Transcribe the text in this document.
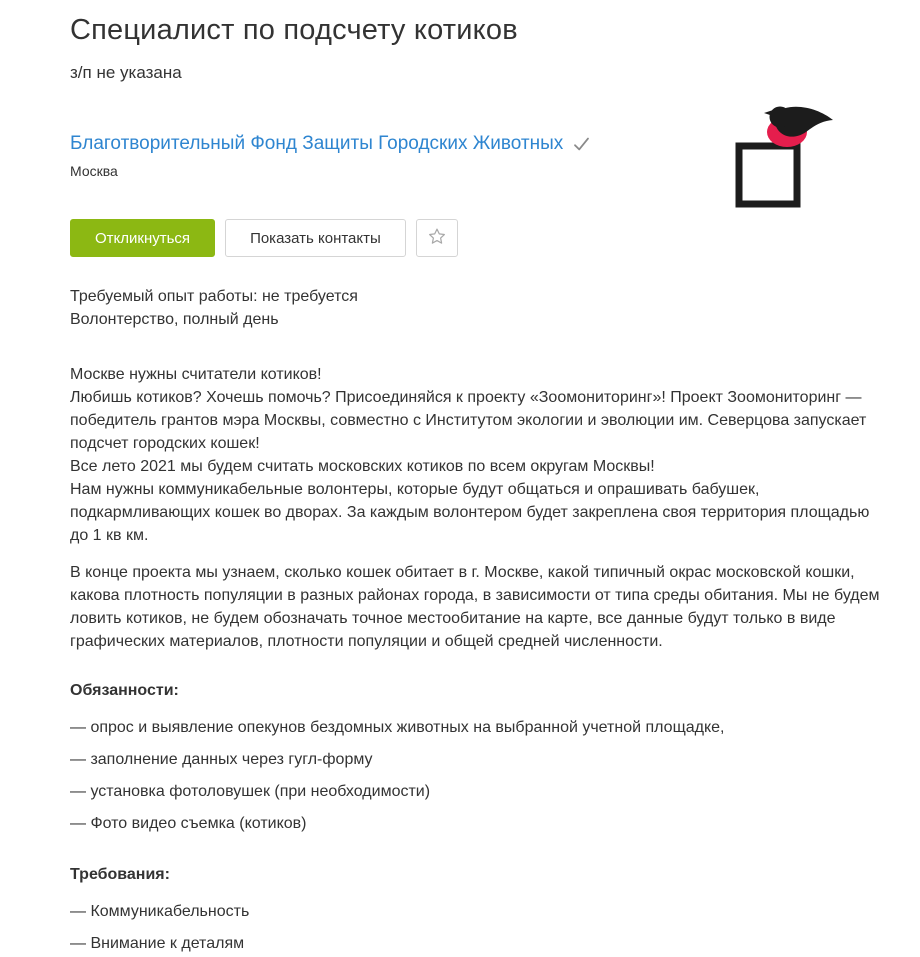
Специалист по подсчету котиков
з/п не указана
Благотворительный Фонд Защиты Городских Животных
Москва
Откликнуться	Показать контакты
Требуемый опыт работы: не требуется
Волонтерство, полный день
Москве нужны считатели котиков!
Любишь котиков? Хочешь помочь? Присоединяйся к проекту «Зоомониторинг»! Проект Зоомониторинг — победитель грантов мэра Москвы, совместно с Институтом экологии и эволюции им. Северцова запускает подсчет городских кошек!
Все лето 2021 мы будем считать московских котиков по всем округам Москвы!

Нам нужны коммуникабельные волонтеры, которые будут общаться и опрашивать бабушек, подкармливающих кошек во дворах. За каждым волонтером будет закреплена своя территория площадью до 1 кв км.

В конце проекта мы узнаем, сколько кошек обитает в г. Москве, какой типичный окрас московской кошки, какова плотность популяции в разных районах города, в зависимости от типа среды обитания. Мы не будем ловить котиков, не будем обозначать точное местообитание на карте, все данные будут только в виде графических материалов, плотности популяции и общей средней численности.

Обязанности:
— опрос и выявление опекунов бездомных животных на выбранной учетной площадке,
— заполнение данных через гугл-форму
— установка фотоловушек (при необходимости)
— Фото видео съемка (котиков)
Требования:
— Коммуникабельность
— Внимание к деталям
